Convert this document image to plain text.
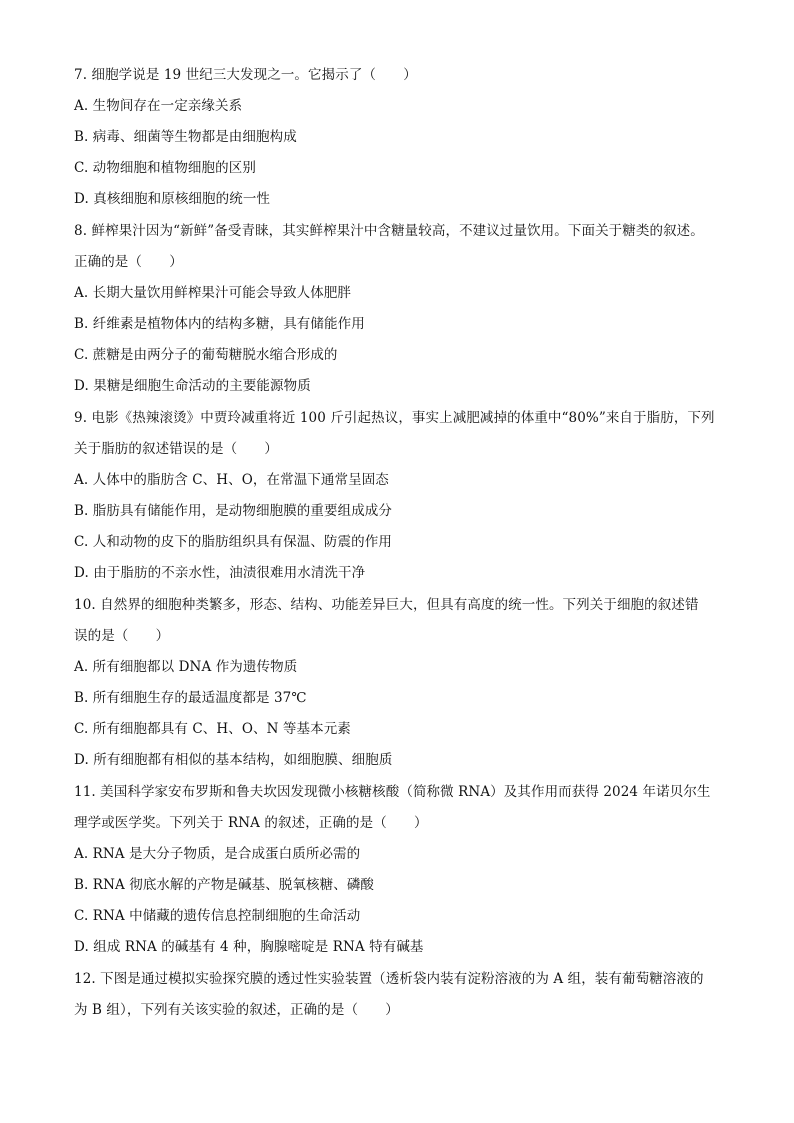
7. 细胞学说是 19 世纪三大发现之一。它揭示了（　　）
A. 生物间存在一定亲缘关系
B. 病毒、细菌等生物都是由细胞构成
C. 动物细胞和植物细胞的区别
D. 真核细胞和原核细胞的统一性
8. 鲜榨果汁因为“新鲜”备受青睐，其实鲜榨果汁中含糖量较高，不建议过量饮用。下面关于糖类的叙述。
正确的是（　　）
A. 长期大量饮用鲜榨果汁可能会导致人体肥胖
B. 纤维素是植物体内的结构多糖，具有储能作用
C. 蔗糖是由两分子的葡萄糖脱水缩合形成的
D. 果糖是细胞生命活动的主要能源物质
9. 电影《热辣滚烫》中贾玲减重将近 100 斤引起热议，事实上减肥减掉的体重中“80%”来自于脂肪，下列
关于脂肪的叙述错误的是（　　）
A. 人体中的脂肪含 C、H、O，在常温下通常呈固态
B. 脂肪具有储能作用，是动物细胞膜的重要组成成分
C. 人和动物的皮下的脂肪组织具有保温、防震的作用
D. 由于脂肪的不亲水性，油渍很难用水清洗干净
10. 自然界的细胞种类繁多，形态、结构、功能差异巨大，但具有高度的统一性。下列关于细胞的叙述错
误的是（　　）
A. 所有细胞都以 DNA 作为遗传物质
B. 所有细胞生存的最适温度都是 37℃
C. 所有细胞都具有 C、H、O、N 等基本元素
D. 所有细胞都有相似的基本结构，如细胞膜、细胞质
11. 美国科学家安布罗斯和鲁夫坎因发现微小核糖核酸（简称微 RNA）及其作用而获得 2024 年诺贝尔生
理学或医学奖。下列关于 RNA 的叙述，正确的是（　　）
A. RNA 是大分子物质，是合成蛋白质所必需的
B. RNA 彻底水解的产物是碱基、脱氧核糖、磷酸
C. RNA 中储藏的遗传信息控制细胞的生命活动
D. 组成 RNA 的碱基有 4 种，胸腺嘧啶是 RNA 特有碱基
12. 下图是通过模拟实验探究膜的透过性实验装置（透析袋内装有淀粉溶液的为 A 组，装有葡萄糖溶液的
为 B 组），下列有关该实验的叙述，正确的是（　　）
